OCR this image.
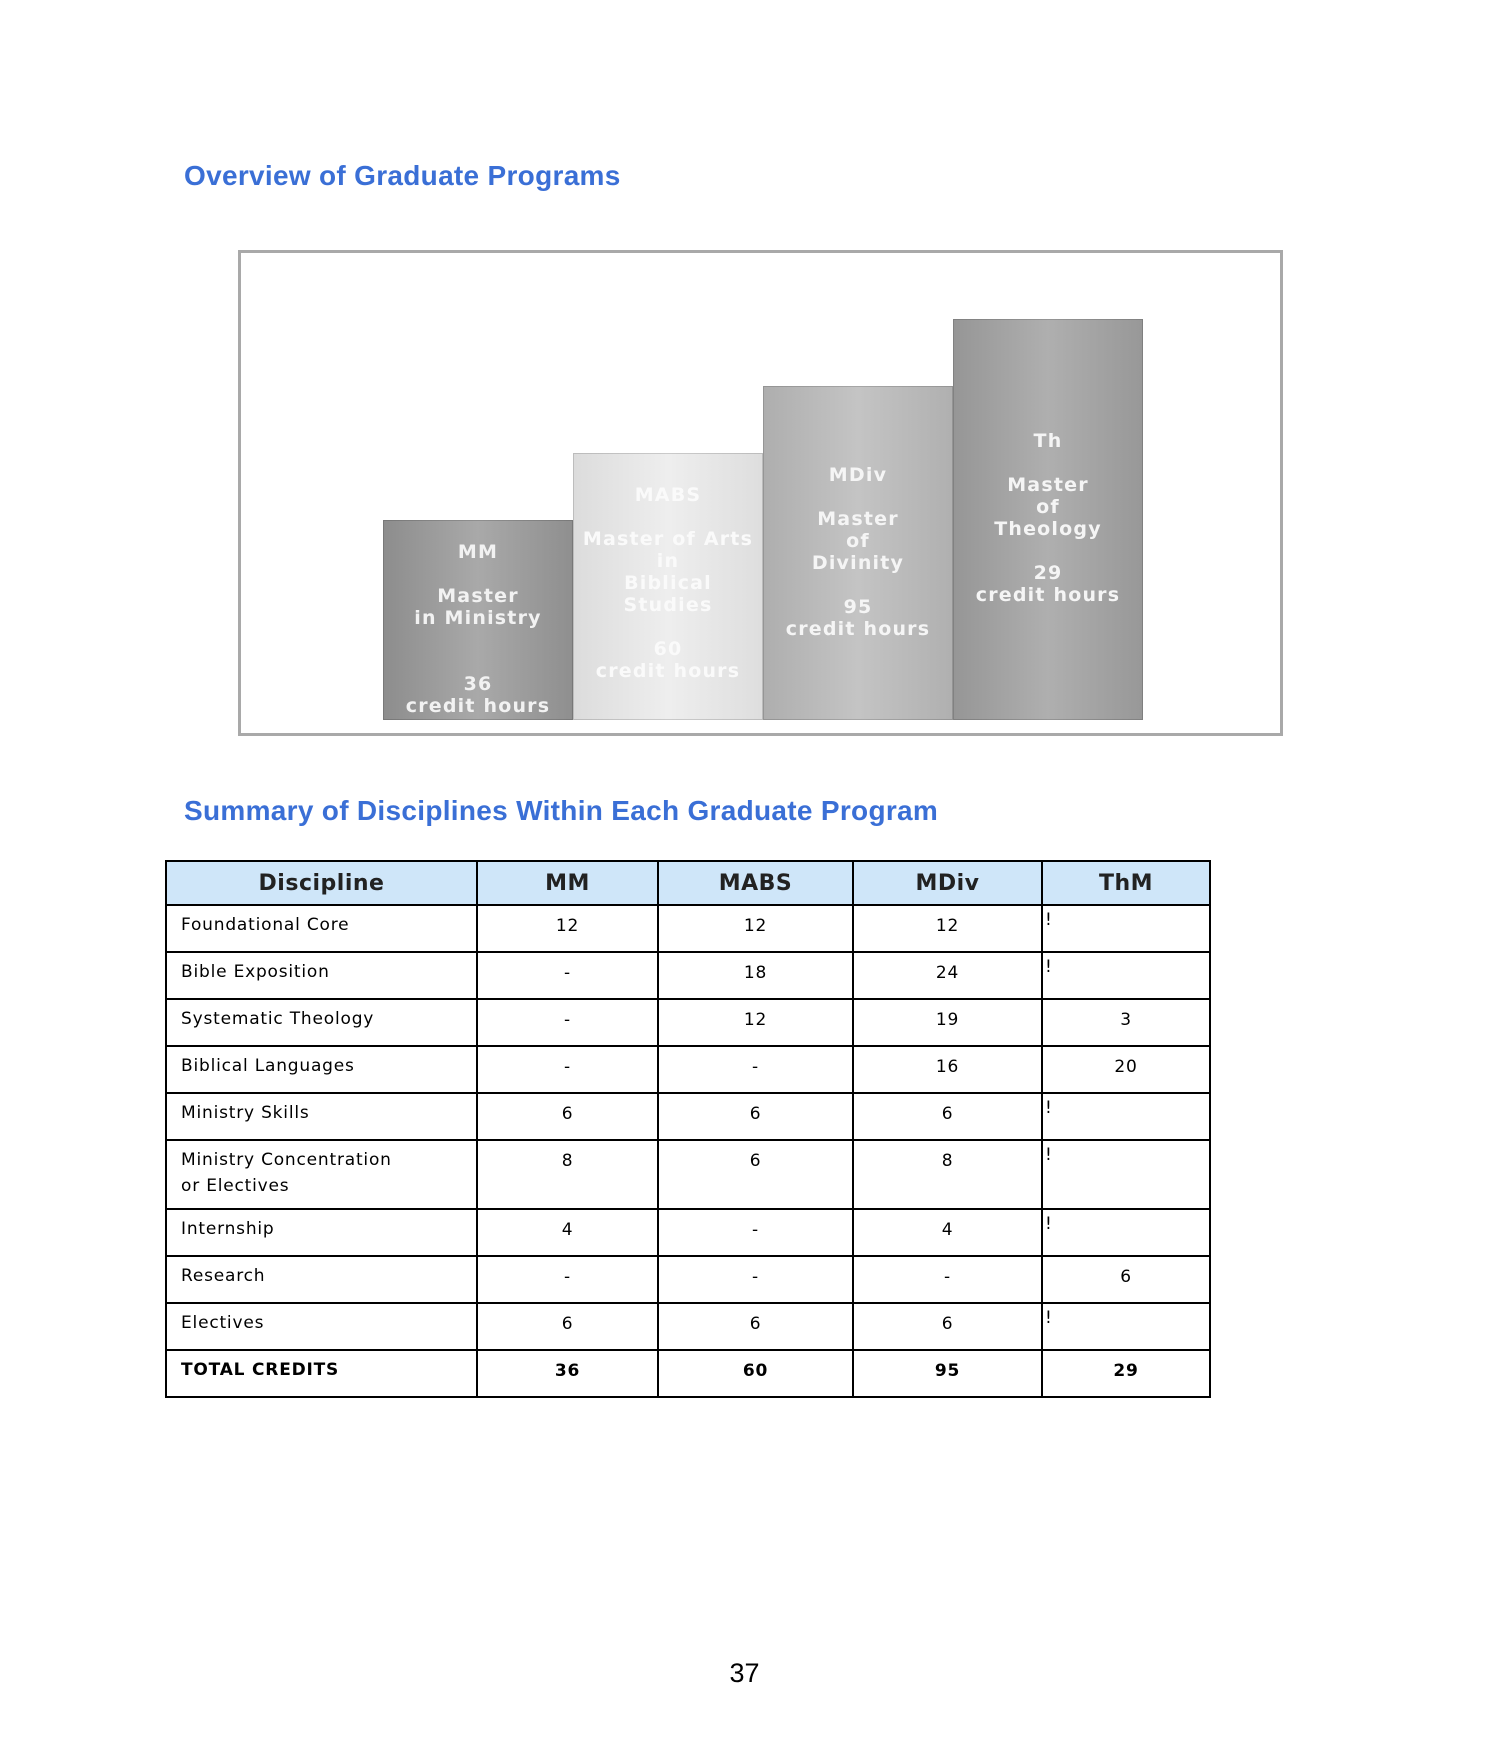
Overview of Graduate Programs
MM
Master
in Ministry
36
credit hours
MABS
Master of Arts
in
Biblical
Studies
60
credit hours
MDiv
Master
of
Divinity
95
credit hours
Th
Master
of
Theology
29
credit hours
Summary of Disciplines Within Each Graduate Program
Discipline	MM	MABS	MDiv	ThM

Foundational Core	12	12	12	!

Bible Exposition	-	18	24	!

Systematic Theology	-	12	19	3

Biblical Languages	-	-	16	20

Ministry Skills	6	6	6	!

Ministry Concentration
or Electives	8	6	8	!

Internship	4	-	4	!

Research	-	-	-	6

Electives	6	6	6	!

TOTAL CREDITS	36	60	95	29
37
